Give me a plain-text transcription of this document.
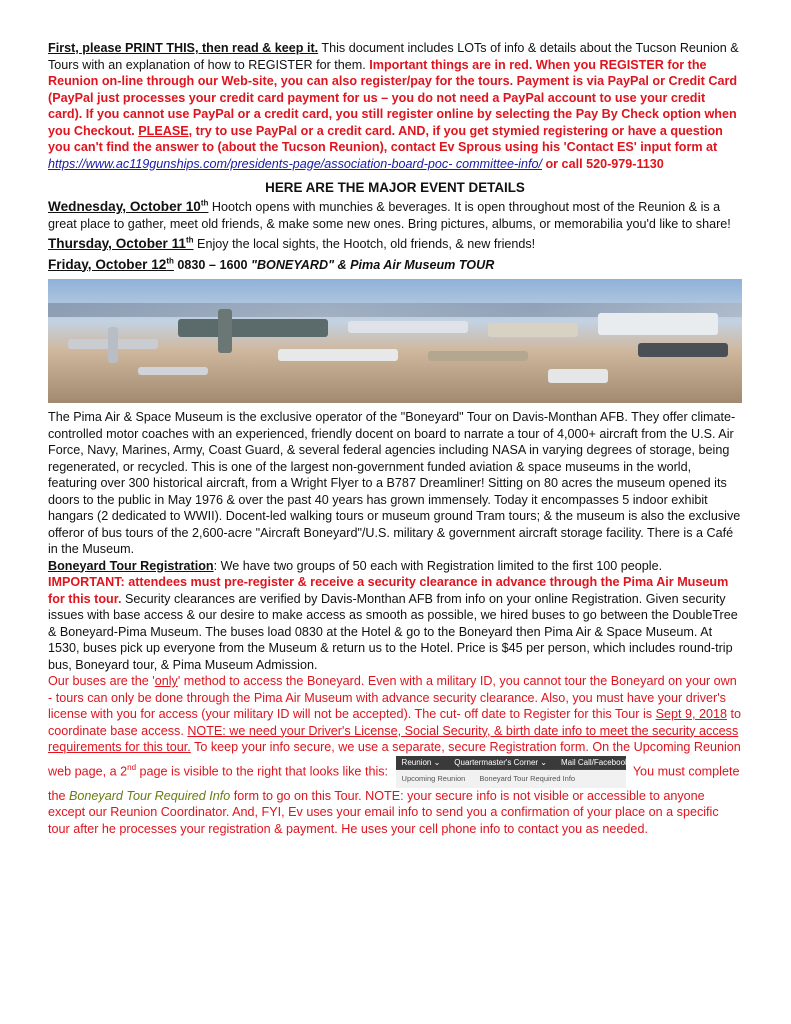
First, please PRINT THIS, then read & keep it. This document includes LOTs of info & details about the Tucson Reunion & Tours with an explanation of how to REGISTER for them. Important things are in red. When you REGISTER for the Reunion on-line through our Web-site, you can also register/pay for the tours. Payment is via PayPal or Credit Card (PayPal just processes your credit card payment for us – you do not need a PayPal account to use your credit card). If you cannot use PayPal or a credit card, you still register online by selecting the Pay By Check option when you Checkout. PLEASE, try to use PayPal or a credit card. AND, if you get stymied registering or have a question you can't find the answer to (about the Tucson Reunion), contact Ev Sprous using his 'Contact ES' input form at https://www.ac119gunships.com/presidents-page/association-board-poc- committee-info/ or call 520-979-1130

HERE ARE THE MAJOR EVENT DETAILS

Wednesday, October 10th Hootch opens with munchies & beverages. It is open throughout most of the Reunion & is a great place to gather, meet old friends, & make some new ones. Bring pictures, albums, or memorabilia you'd like to share!

Thursday, October 11th Enjoy the local sights, the Hootch, old friends, & new friends!

Friday, October 12th 0830 – 1600 "BONEYARD" & Pima Air Museum TOUR

The Pima Air & Space Museum is the exclusive operator of the "Boneyard" Tour on Davis-Monthan AFB. They offer climate-controlled motor coaches with an experienced, friendly docent on board to narrate a tour of 4,000+ aircraft from the U.S. Air Force, Navy, Marines, Army, Coast Guard, & several federal agencies including NASA in varying degrees of storage, being regenerated, or recycled. This is one of the largest non-government funded aviation & space museums in the world, featuring over 300 historical aircraft, from a Wright Flyer to a B787 Dreamliner! Sitting on 80 acres the museum opened its doors to the public in May 1976 & over the past 40 years has grown immensely. Today it encompasses 5 indoor exhibit hangars (2 dedicated to WWII). Docent-led walking tours or museum ground Tram tours; & the museum is also the exclusive offeror of bus tours of the 2,600-acre "Aircraft Boneyard"/U.S. military & government aircraft storage facility. There is a Café in the Museum.

Boneyard Tour Registration: We have two groups of 50 each with Registration limited to the first 100 people. IMPORTANT: attendees must pre-register & receive a security clearance in advance through the Pima Air Museum for this tour. Security clearances are verified by Davis-Monthan AFB from info on your online Registration. Given security issues with base access & our desire to make access as smooth as possible, we hired buses to go between the DoubleTree & Boneyard-Pima Museum. The buses load 0830 at the Hotel & go to the Boneyard then Pima Air & Space Museum. At 1530, buses pick up everyone from the Museum & return us to the Hotel. Price is $45 per person, which includes round-trip bus, Boneyard tour, & Pima Museum Admission.

Our buses are the 'only' method to access the Boneyard. Even with a military ID, you cannot tour the Boneyard on your own - tours can only be done through the Pima Air Museum with advance security clearance. Also, you must have your driver's license with you for access (your military ID will not be accepted). The cut- off date to Register for this Tour is Sept 9, 2018 to coordinate base access. NOTE: we need your Driver's License, Social Security, & birth date info to meet the security access requirements for this tour. To keep your info secure, we use a separate, secure Registration form. On the Upcoming Reunion web page, a 2nd page is visible to the right that looks like this:
Reunion ⌄ Quartermaster's Corner ⌄ Mail Call/Facebook
Upcoming Reunion Boneyard Tour Required Info
You must complete the Boneyard Tour Required Info form to go on this Tour. NOTE: your secure info is not visible or accessible to anyone except our Reunion Coordinator. And, FYI, Ev uses your email info to send you a confirmation of your place on a specific tour after he processes your registration & payment. He uses your cell phone info to contact you as needed.
